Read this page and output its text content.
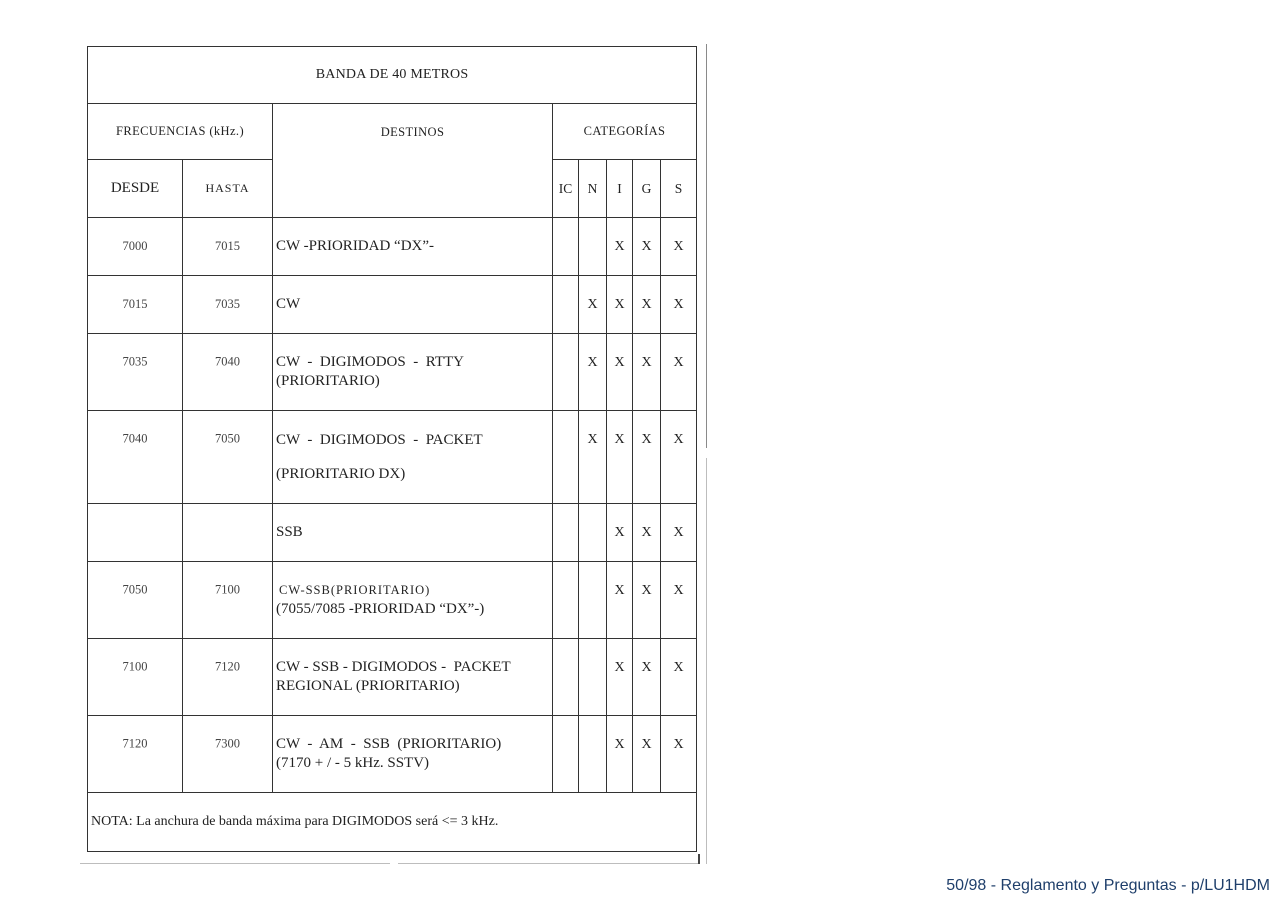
BANDA DE 40 METROS							
FRECUENCIAS (kHz.)		DESTINOS	CATEGORÍAS				
DESDE	HASTA		IC	N	I	G	S
7000	7015	CW -PRIORIDAD “DX”-			X	X	X
7015	7035	CW		X	X	X	X
7035	7040	CW  -  DIGIMODOS  -  RTTY
(PRIORITARIO)		X	X	X	X
7040	7050	CW  -  DIGIMODOS  -  PACKET
(PRIORITARIO DX)		X	X	X	X

		SSB			X	X	X
7050	7100	CW-SSB(PRIORITARIO)
(7055/7085 -PRIORIDAD “DX”-)			X	X	X
7100	7120	CW - SSB - DIGIMODOS -  PACKET
REGIONAL (PRIORITARIO)			X	X	X
7120	7300	CW  -  AM  -  SSB  (PRIORITARIO)
(7170 + / - 5 kHz. SSTV)			X	X	X
NOTA: La anchura de banda máxima para DIGIMODOS será <= 3 kHz.							
50/98 - Reglamento y Preguntas - p/LU1HDM
